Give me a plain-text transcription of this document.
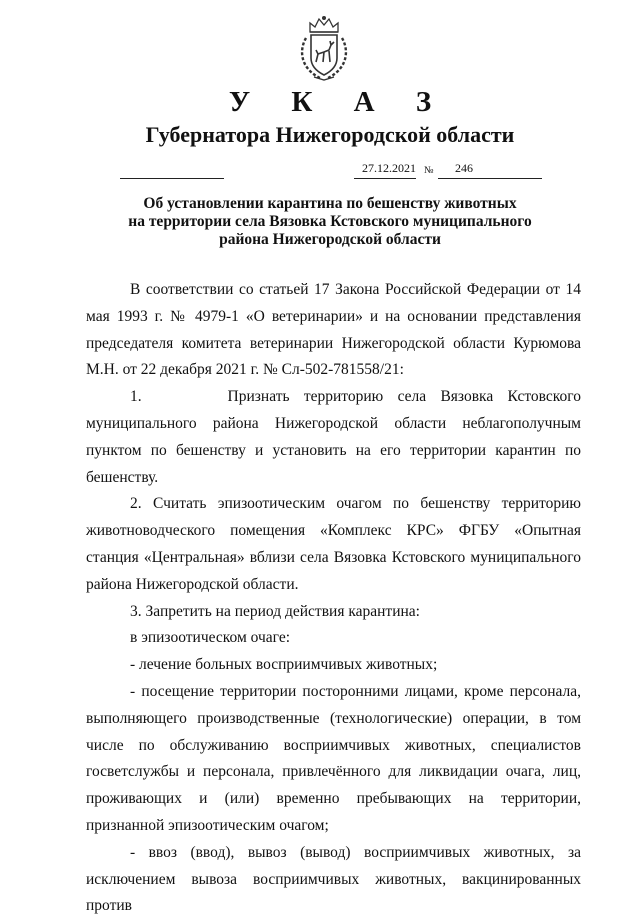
У К А З
Губернатора Нижегородской области
27.12.2021 № 246
Об установлении карантина по бешенству животных
на территории села Вязовка Кстовского муниципального
района Нижегородской области

В соответствии со статьей 17 Закона Российской Федерации от 14 мая 1993 г. № 4979-1 «О ветеринарии» и на основании представления председателя комитета ветеринарии Нижегородской области Курюмова М.Н. от 22 декабря 2021 г. № Сл-502-781558/21:

1.      Признать территорию села Вязовка Кстовского муниципального района Нижегородской области неблагополучным пунктом по бешенству и установить на его территории карантин по бешенству.

2. Считать эпизоотическим очагом по бешенству территорию животноводческого помещения «Комплекс КРС» ФГБУ «Опытная станция «Центральная» вблизи села Вязовка Кстовского муниципального района Нижегородской области.

3. Запретить на период действия карантина:

в эпизоотическом очаге:

- лечение больных восприимчивых животных;

- посещение территории посторонними лицами, кроме персонала, выполняющего производственные (технологические) операции, в том числе по обслуживанию восприимчивых животных, специалистов госветслужбы и персонала, привлечённого для ликвидации очага, лиц, проживающих и (или) временно пребывающих на территории, признанной эпизоотическим очагом;

- ввоз (ввод), вывоз (вывод) восприимчивых животных, за исключением вывоза восприимчивых животных, вакцинированных против
